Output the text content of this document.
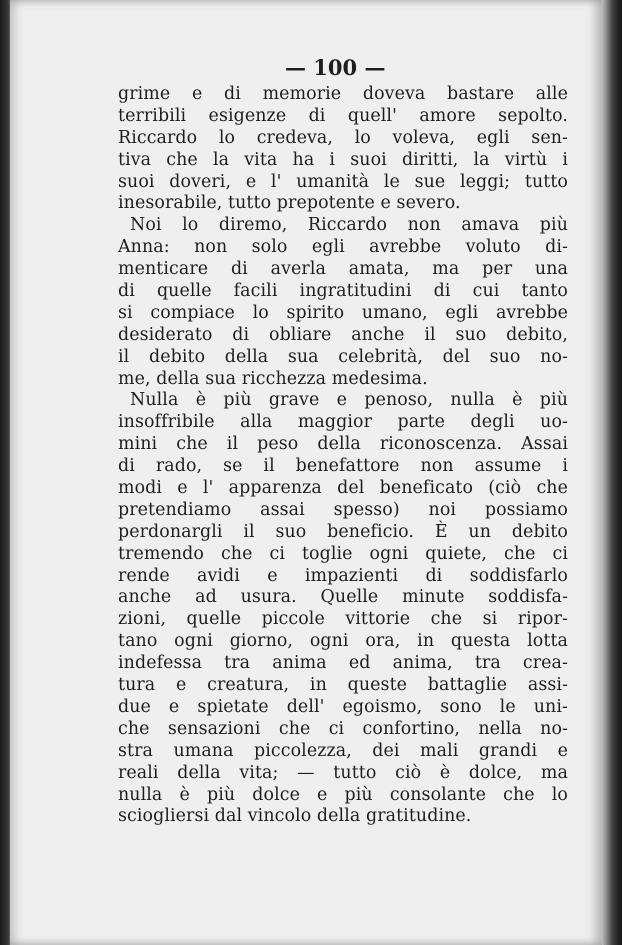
— 100 —
grime e di memorie doveva bastare alle
terribili esigenze di quell' amore sepolto.
Riccardo lo credeva, lo voleva, egli sen-
tiva che la vita ha i suoi diritti, la virtù i
suoi doveri, e l' umanità le sue leggi; tutto
inesorabile, tutto prepotente e severo.
Noi lo diremo, Riccardo non amava più
Anna: non solo egli avrebbe voluto di-
menticare di averla amata, ma per una
di quelle facili ingratitudini di cui tanto
si compiace lo spirito umano, egli avrebbe
desiderato di obliare anche il suo debito,
il debito della sua celebrità, del suo no-
me, della sua ricchezza medesima.
Nulla è più grave e penoso, nulla è più
insoffribile alla maggior parte degli uo-
mini che il peso della riconoscenza. Assai
di rado, se il benefattore non assume i
modi e l' apparenza del beneficato (ciò che
pretendiamo assai spesso) noi possiamo
perdonargli il suo beneficio. È un debito
tremendo che ci toglie ogni quiete, che ci
rende avidi e impazienti di soddisfarlo
anche ad usura. Quelle minute soddisfa-
zioni, quelle piccole vittorie che si ripor-
tano ogni giorno, ogni ora, in questa lotta
indefessa tra anima ed anima, tra crea-
tura e creatura, in queste battaglie assi-
due e spietate dell' egoismo, sono le uni-
che sensazioni che ci confortino, nella no-
stra umana piccolezza, dei mali grandi e
reali della vita; — tutto ciò è dolce, ma
nulla è più dolce e più consolante che lo
sciogliersi dal vincolo della gratitudine.
